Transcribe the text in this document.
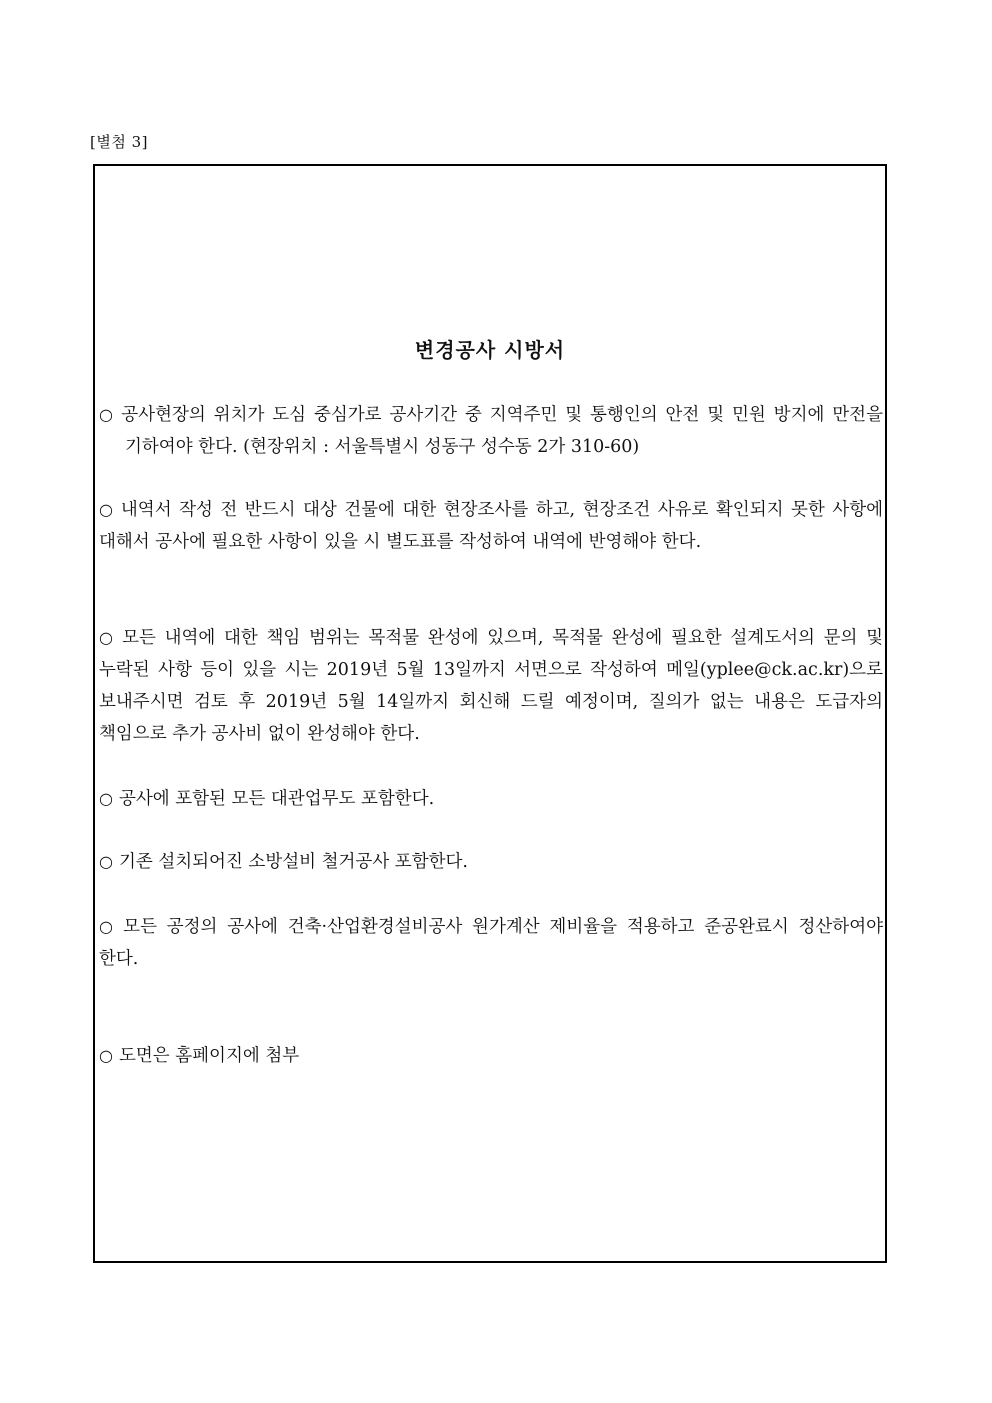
[별첨 3]
변경공사 시방서
○ 공사현장의 위치가 도심 중심가로 공사기간 중 지역주민 및 통행인의 안전 및 민원 방지에 만전을 기하여야 한다. (현장위치 : 서울특별시 성동구 성수동 2가 310-60)
○ 내역서 작성 전 반드시 대상 건물에 대한 현장조사를 하고, 현장조건 사유로 확인되지 못한 사항에 대해서 공사에 필요한 사항이 있을 시 별도표를 작성하여 내역에 반영해야 한다.
○ 모든 내역에 대한 책임 범위는 목적물 완성에 있으며, 목적물 완성에 필요한 설계도서의 문의 및 누락된 사항 등이 있을 시는 2019년 5월 13일까지 서면으로 작성하여 메일(yplee@ck.ac.kr)으로 보내주시면 검토 후 2019년 5월 14일까지 회신해 드릴 예정이며, 질의가 없는 내용은 도급자의 책임으로 추가 공사비 없이 완성해야 한다.
○ 공사에 포함된 모든 대관업무도 포함한다.
○ 기존 설치되어진 소방설비 철거공사 포함한다.
○ 모든 공정의 공사에 건축·산업환경설비공사 원가계산 제비율을 적용하고 준공완료시 정산하여야 한다.
○ 도면은 홈페이지에 첨부
